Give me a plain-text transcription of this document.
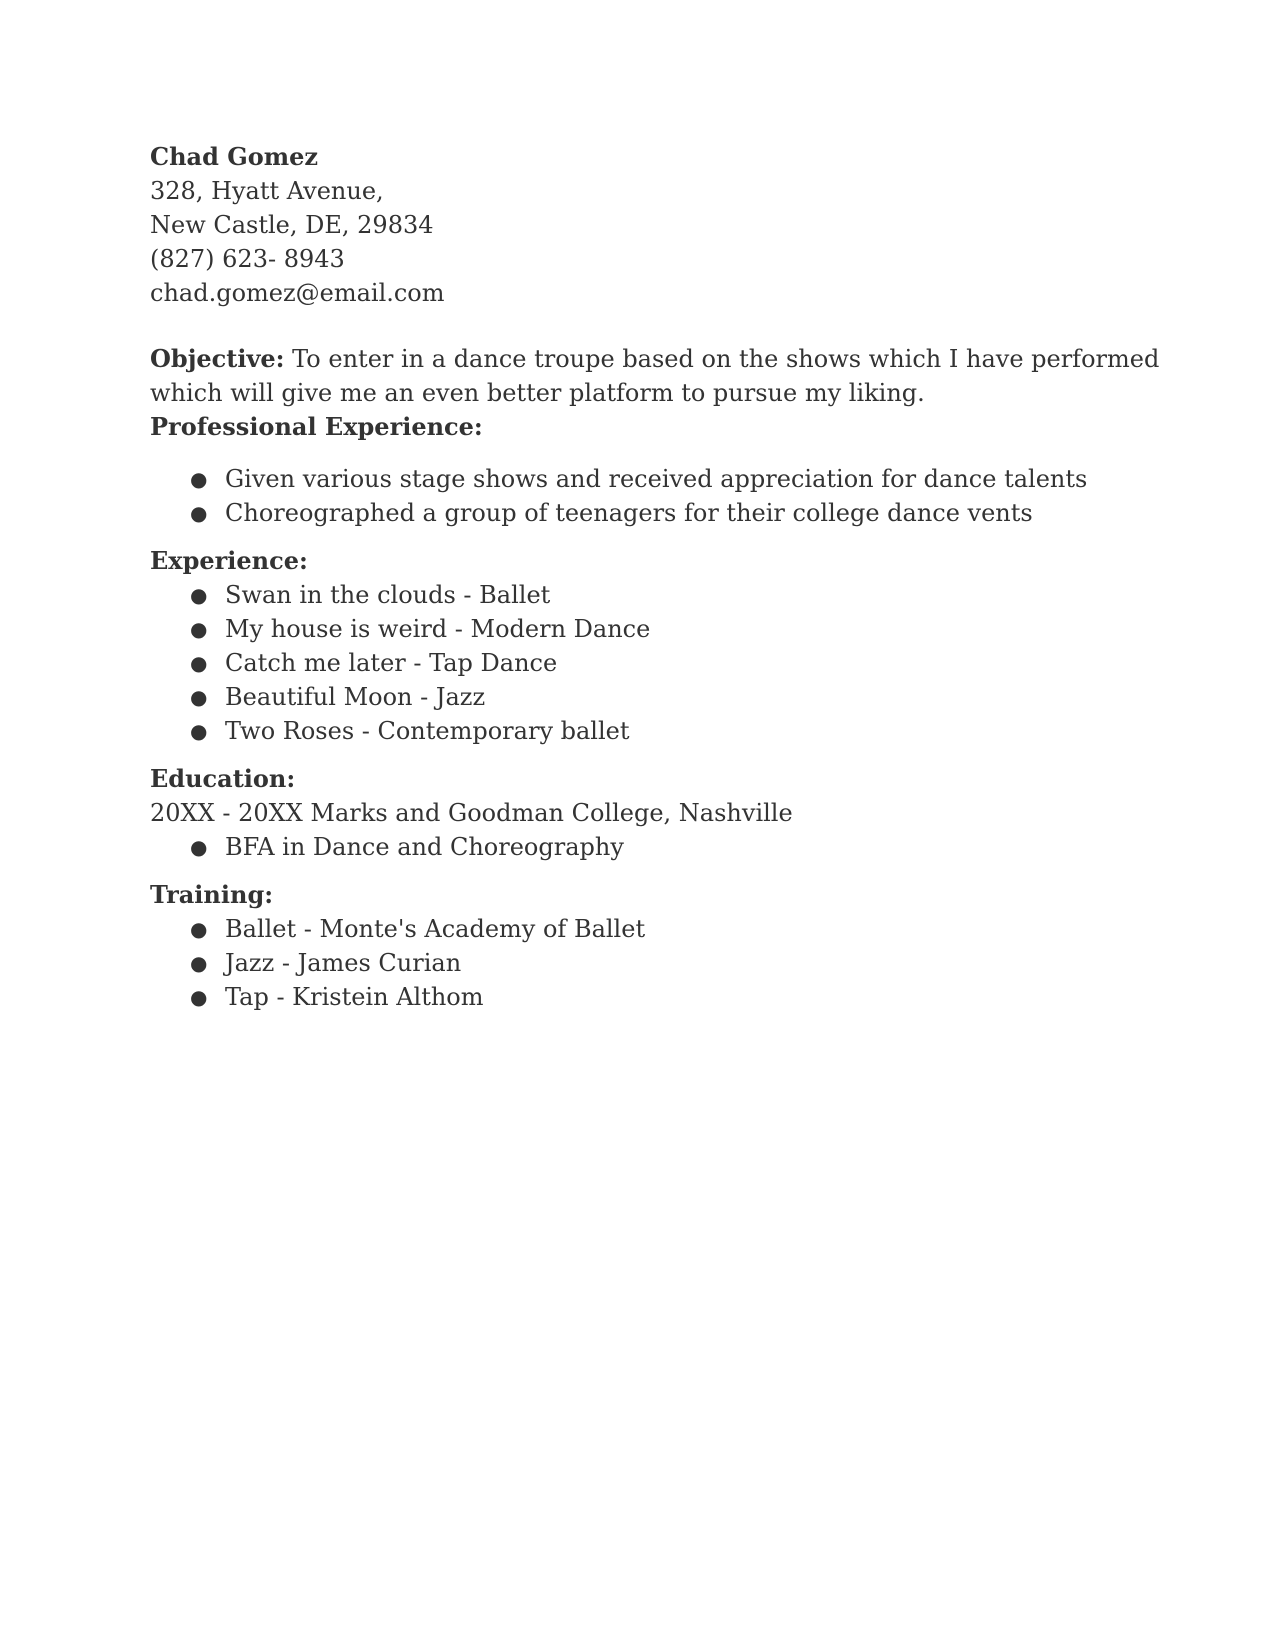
Chad Gomez
328, Hyatt Avenue,
New Castle, DE, 29834
(827) 623- 8943
chad.gomez@email.com
Objective: To enter in a dance troupe based on the shows which I have performed
which will give me an even better platform to pursue my liking.
Professional Experience:
● Given various stage shows and received appreciation for dance talents
● Choreographed a group of teenagers for their college dance vents
Experience:
● Swan in the clouds - Ballet
● My house is weird - Modern Dance
● Catch me later - Tap Dance
● Beautiful Moon - Jazz
● Two Roses - Contemporary ballet
Education:
20XX - 20XX Marks and Goodman College, Nashville
● BFA in Dance and Choreography
Training:
● Ballet - Monte's Academy of Ballet
● Jazz - James Curian
● Tap - Kristein Althom
